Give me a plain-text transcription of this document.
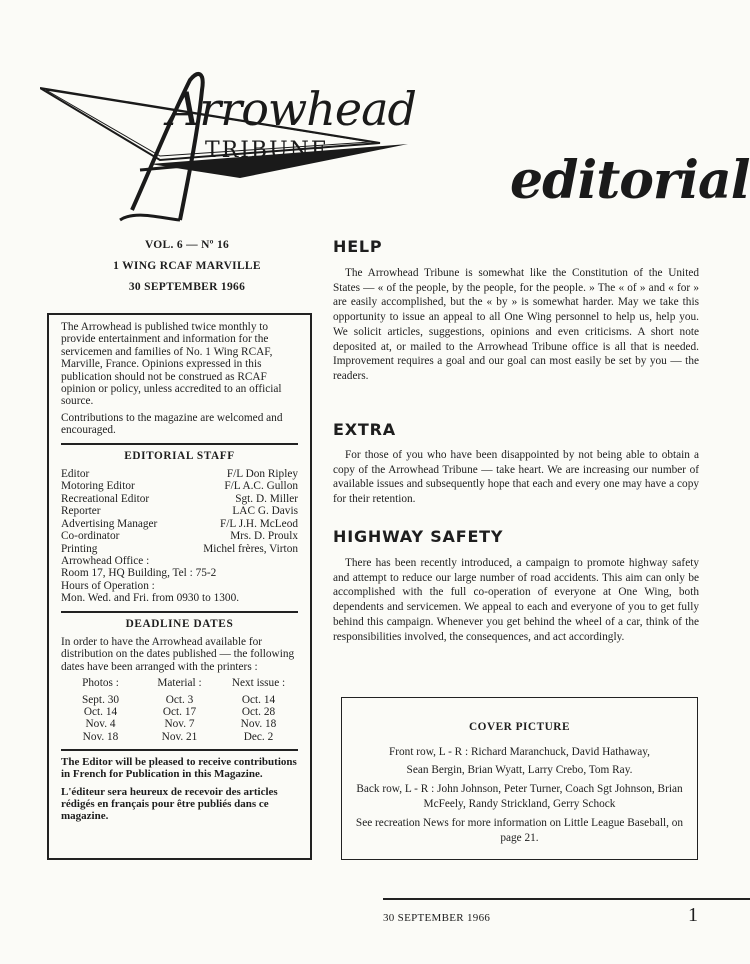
Arrowhead
TRIBUNE	editorial
VOL. 6 — Nº 16
1 WING RCAF MARVILLE
30 SEPTEMBER 1966

The Arrowhead is published twice monthly to provide entertainment and information for the servicemen and families of No. 1 Wing RCAF, Marville, France. Opinions expressed in this publication should not be construed as RCAF opinion or policy, unless accredited to an official source.

Contributions to the magazine are welcomed and encouraged.

EDITORIAL STAFF
Editor	F/L Don Ripley
Motoring Editor	F/L A.C. Gullon
Recreational Editor	Sgt. D. Miller
Reporter	LAC G. Davis
Advertising Manager	F/L J.H. McLeod
Co-ordinator	Mrs. D. Proulx
Printing	Michel frères, Virton
Arrowhead Office :
Room 17, HQ Building, Tel : 75-2
Hours of Operation :
Mon. Wed. and Fri. from 0930 to 1300.
DEADLINE DATES

In order to have the Arrowhead available for distribution on the dates published — the following dates have been arranged with the printers :

Photos :	Material :	Next issue :
Sept. 30	Oct. 3	Oct. 14
Oct. 14	Oct. 17	Oct. 28
Nov. 4	Nov. 7	Nov. 18
Nov. 18	Nov. 21	Dec. 2

The Editor will be pleased to receive contributions in French for Publication in this Magazine.

L'éditeur sera heureux de recevoir des articles rédigés en français pour être publiés dans ce magazine.

HELP

The Arrowhead Tribune is somewhat like the Constitution of the United States — « of the people, by the people, for the people. » The « of » and « for » are easily accomplished, but the « by » is somewhat harder. May we take this opportunity to issue an appeal to all One Wing personnel to help us, help you. We solicit articles, suggestions, opinions and even criticisms. A short note deposited at, or mailed to the Arrowhead Tribune office is all that is needed. Improvement requires a goal and our goal can most easily be set by you — the readers.

EXTRA

For those of you who have been disappointed by not being able to obtain a copy of the Arrowhead Tribune — take heart. We are increasing our number of available issues and subsequently hope that each and every one may have a copy for their retention.

HIGHWAY SAFETY

There has been recently introduced, a campaign to promote highway safety and attempt to reduce our large number of road accidents. This aim can only be accomplished with the full co-operation of everyone at One Wing, both dependents and servicemen. We appeal to each and everyone of you to get fully behind this campaign. Whenever you get behind the wheel of a car, think of the responsibilities involved, the consequences, and act accordingly.

COVER PICTURE

Front row, L - R : Richard Maranchuck, David Hathaway,

Sean Bergin, Brian Wyatt, Larry Crebo, Tom Ray.

Back row, L - R : John Johnson, Peter Turner, Coach Sgt Johnson, Brian McFeely, Randy Strickland, Gerry Schock

See recreation News for more information on Little League Baseball, on page 21.

30 SEPTEMBER 1966	1
